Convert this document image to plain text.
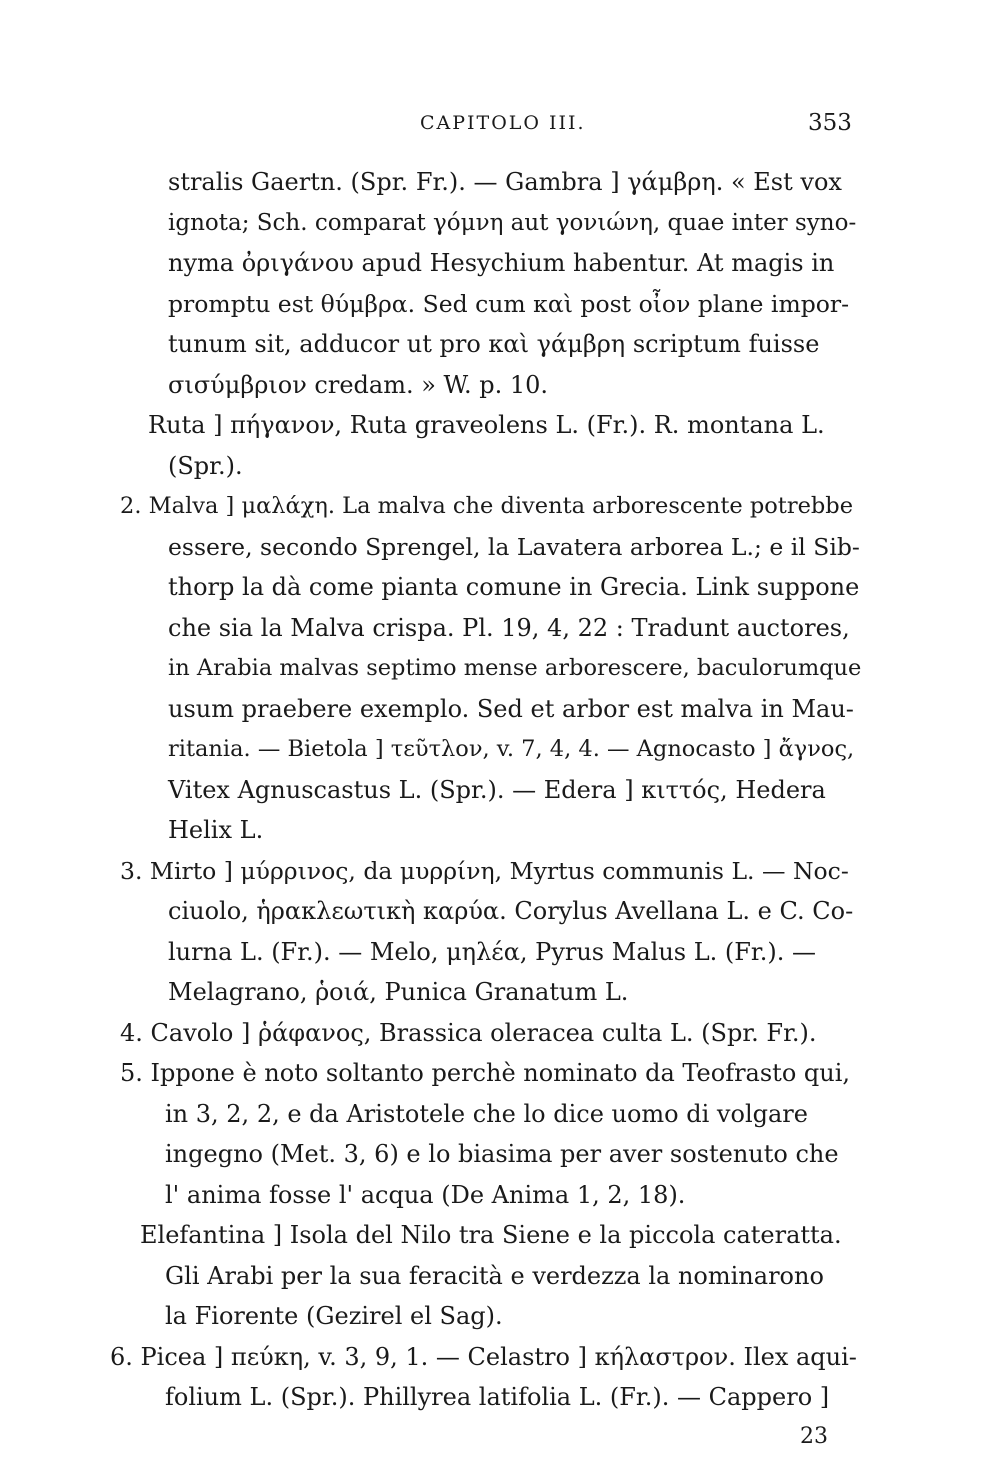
CAPITOLO III.	353
stralis Gaertn. (Spr. Fr.). — Gambra ] γάμβρη. « Est vox
ignota; Sch. comparat γόμνη aut γονιώνη, quae inter syno-
nyma ὀριγάνου apud Hesychium habentur. At magis in
promptu est θύμβρα. Sed cum καὶ post οἶον plane impor-
tunum sit, adducor ut pro καὶ γάμβρη scriptum fuisse
σισύμβριον credam. » W. p. 10.
Ruta ] πήγανον, Ruta graveolens L. (Fr.). R. montana L.
(Spr.).
2. Malva ] μαλάχη. La malva che diventa arborescente potrebbe
essere, secondo Sprengel, la Lavatera arborea L.; e il Sib-
thorp la dà come pianta comune in Grecia. Link suppone
che sia la Malva crispa. Pl. 19, 4, 22 : Tradunt auctores,
in Arabia malvas septimo mense arborescere, baculorumque
usum praebere exemplo. Sed et arbor est malva in Mau-
ritania. — Bietola ] τεῦτλον, v. 7, 4, 4. — Agnocasto ] ἄγνος,
Vitex Agnuscastus L. (Spr.). — Edera ] κιττός, Hedera
Helix L.
3. Mirto ] μύρρινος, da μυρρίνη, Myrtus communis L. — Noc-
ciuolo, ἡρακλεωτικὴ καρύα. Corylus Avellana L. e C. Co-
lurna L. (Fr.). — Melo, μηλέα, Pyrus Malus L. (Fr.). —
Melagrano, ῥοιά, Punica Granatum L.
4. Cavolo ] ῥάφανος, Brassica oleracea culta L. (Spr. Fr.).
5. Ippone è noto soltanto perchè nominato da Teofrasto qui,
in 3, 2, 2, e da Aristotele che lo dice uomo di volgare
ingegno (Met. 3, 6) e lo biasima per aver sostenuto che
l' anima fosse l' acqua (De Anima 1, 2, 18).
Elefantina ] Isola del Nilo tra Siene e la piccola cateratta.
Gli Arabi per la sua feracità e verdezza la nominarono
la Fiorente (Gezirel el Sag).
6. Picea ] πεύκη, v. 3, 9, 1. — Celastro ] κήλαστρον. Ilex aqui-
folium L. (Spr.). Phillyrea latifolia L. (Fr.). — Cappero ]
23
